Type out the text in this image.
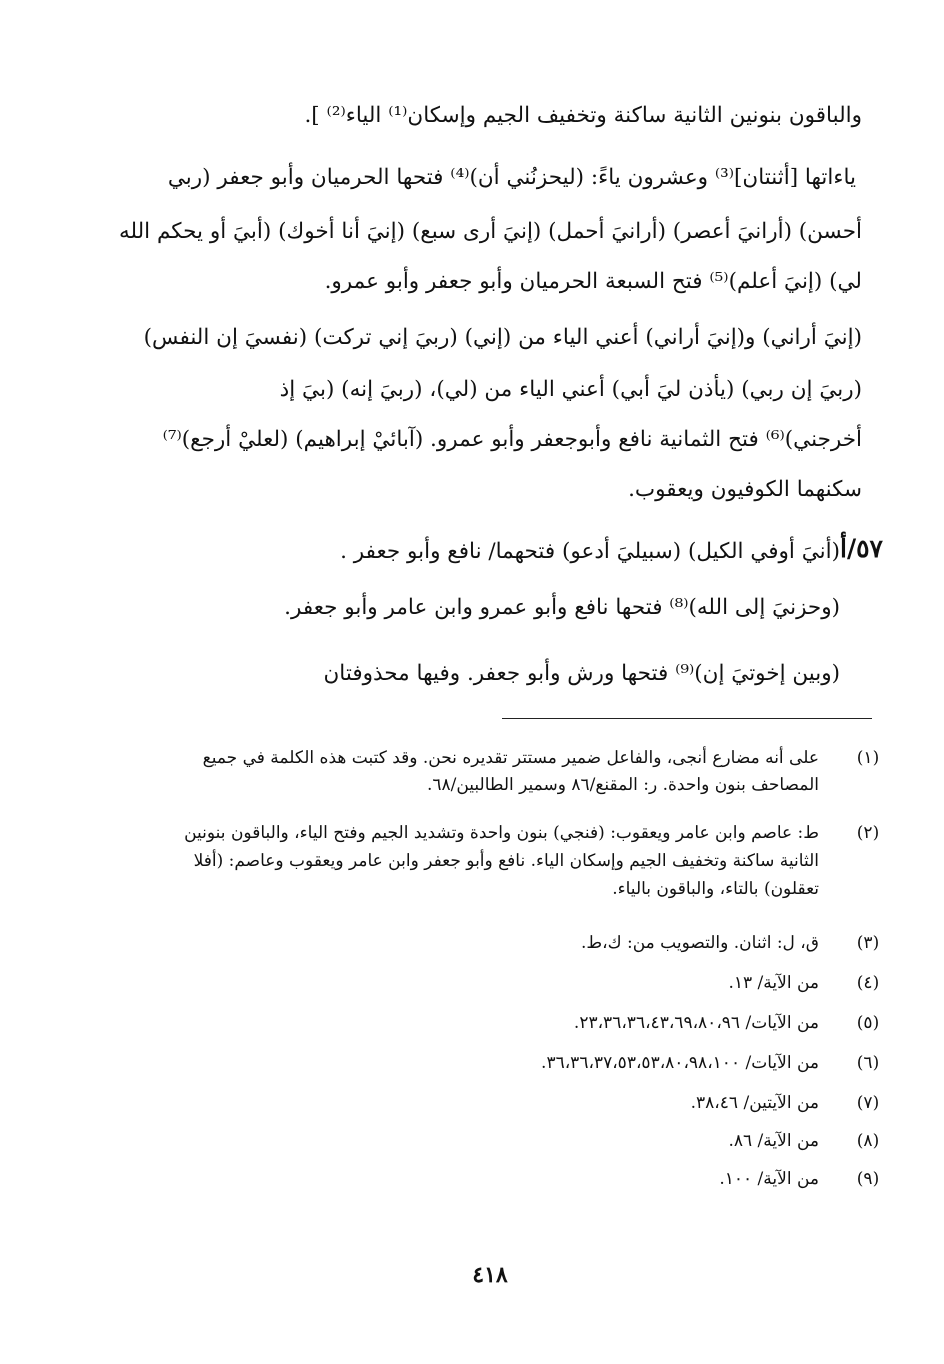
والباقون بنونين الثانية ساكنة وتخفيف الجيم وإسكان⁽¹⁾ الياء⁽²⁾ ].
ياءاتها [أثنتان]⁽³⁾ وعشرون ياءً: (ليحزنُني أن)⁽⁴⁾ فتحها الحرميان وأبو جعفر (ربي
أحسن) (أرانيَ أعصر) (أرانيَ أحمل) (إنيَ أرى سبع) (إنيَ أنا أخوك) (أبيَ أو يحكم الله
لي) (إنيَ أعلم)⁽⁵⁾ فتح السبعة الحرميان وأبو جعفر وأبو عمرو.
(إنيَ أراني) و(إنيَ أراني) أعني الياء من (إني) (ربيَ إني تركت) (نفسيَ إن النفس)
(ربيَ إن ربي) (يأذن ليَ أبي) أعني الياء من (لي)، (ربيَ إنه) (بيَ إذ
أخرجني)⁽⁶⁾ فتح الثمانية نافع وأبوجعفر وأبو عمرو. (آبائيْ إبراهيم) (لعليْ أرجع)⁽⁷⁾
سكنهما الكوفيون ويعقوب.
٥٧/أ
(أنيَ أوفي الكيل) (سبيليَ أدعو) فتحهما/ نافع وأبو جعفر .
(وحزنيَ إلى الله)⁽⁸⁾ فتحها نافع وأبو عمرو وابن عامر وأبو جعفر.
(وبين إخوتيَ إن)⁽⁹⁾ فتحها ورش وأبو جعفر. وفيها محذوفتان
(١)
على أنه مضارع أنجى، والفاعل ضمير مستتر تقديره نحن. وقد كتبت هذه الكلمة في جميع
المصاحف بنون واحدة. ر: المقنع/٨٦ وسمير الطالبين/٦٨.
(٢)
ط: عاصم وابن عامر ويعقوب: (فنجي) بنون واحدة وتشديد الجيم وفتح الياء، والباقون بنونين
الثانية ساكنة وتخفيف الجيم وإسكان الياء. نافع وأبو جعفر وابن عامر ويعقوب وعاصم: (أفلا
تعقلون) بالتاء، والباقون بالياء.
(٣)
ق، ل: اثنان. والتصويب من: ك،ط.
(٤)
من الآية/ ١٣.
(٥)
من الآيات/ ٢٣،٣٦،٣٦،٤٣،٦٩،٨٠،٩٦.
(٦)
من الآيات/ ٣٦،٣٦،٣٧،٥٣،٥٣،٨٠،٩٨،١٠٠.
(٧)
من الآيتين/ ٣٨،٤٦.
(٨)
من الآية/ ٨٦.
(٩)
من الآية/ ١٠٠.
٤١٨
